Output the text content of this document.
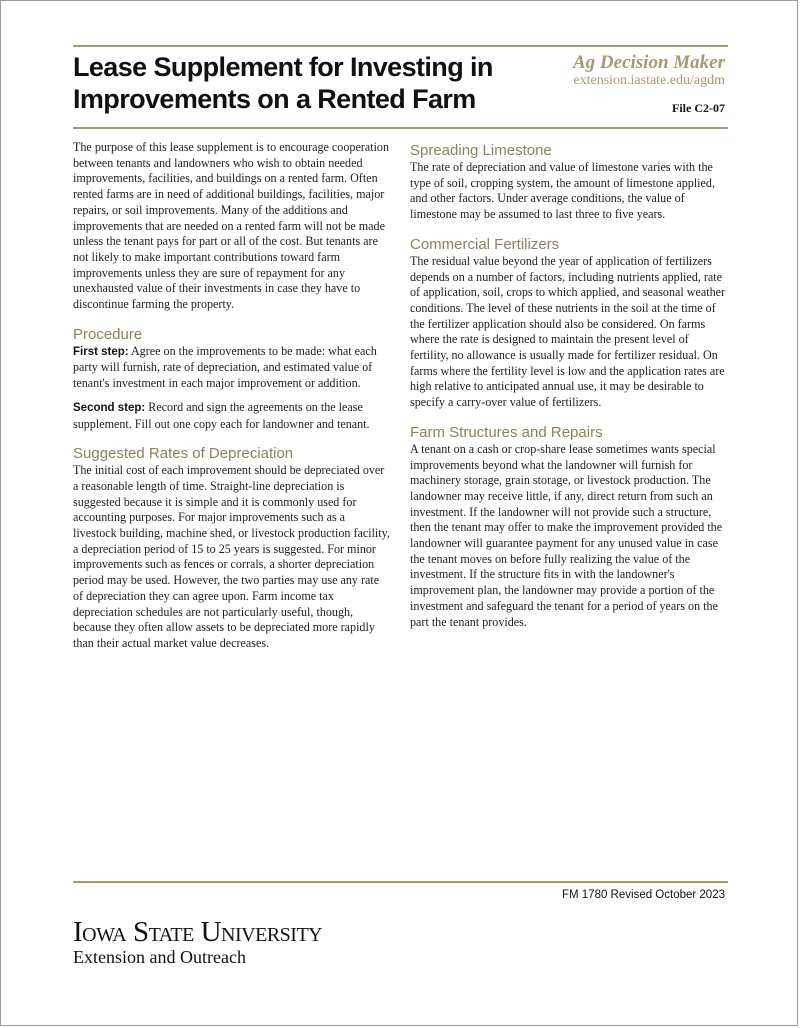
Lease Supplement for Investing in Improvements on a Rented Farm
Ag Decision Maker
extension.iastate.edu/agdm
File C2-07

The purpose of this lease supplement is to encourage cooperation between tenants and landowners who wish to obtain needed improvements, facilities, and buildings on a rented farm. Often rented farms are in need of additional buildings, facilities, major repairs, or soil improvements. Many of the additions and improvements that are needed on a rented farm will not be made unless the tenant pays for part or all of the cost. But tenants are not likely to make important contributions toward farm improvements unless they are sure of repayment for any unexhausted value of their investments in case they have to discontinue farming the property.

Procedure

First step: Agree on the improvements to be made: what each party will furnish, rate of depreciation, and estimated value of tenant's investment in each major improvement or addition.

Second step: Record and sign the agreements on the lease supplement. Fill out one copy each for landowner and tenant.

Suggested Rates of Depreciation

The initial cost of each improvement should be depreciated over a reasonable length of time. Straight-line depreciation is suggested because it is simple and it is commonly used for accounting purposes. For major improvements such as a livestock building, machine shed, or livestock production facility, a depreciation period of 15 to 25 years is suggested. For minor improvements such as fences or corrals, a shorter depreciation period may be used. However, the two parties may use any rate of depreciation they can agree upon. Farm income tax depreciation schedules are not particularly useful, though, because they often allow assets to be depreciated more rapidly than their actual market value decreases.

Spreading Limestone

The rate of depreciation and value of limestone varies with the type of soil, cropping system, the amount of limestone applied, and other factors. Under average conditions, the value of limestone may be assumed to last three to five years.

Commercial Fertilizers

The residual value beyond the year of application of fertilizers depends on a number of factors, including nutrients applied, rate of application, soil, crops to which applied, and seasonal weather conditions. The level of these nutrients in the soil at the time of the fertilizer application should also be considered. On farms where the rate is designed to maintain the present level of fertility, no allowance is usually made for fertilizer residual. On farms where the fertility level is low and the application rates are high relative to anticipated annual use, it may be desirable to specify a carry-over value of fertilizers.

Farm Structures and Repairs

A tenant on a cash or crop-share lease sometimes wants special improvements beyond what the landowner will furnish for machinery storage, grain storage, or livestock production. The landowner may receive little, if any, direct return from such an investment. If the landowner will not provide such a structure, then the tenant may offer to make the improvement provided the landowner will guarantee payment for any unused value in case the tenant moves on before fully realizing the value of the investment. If the structure fits in with the landowner's improvement plan, the landowner may provide a portion of the investment and safeguard the tenant for a period of years on the part the tenant provides.

FM 1780 Revised October 2023
Iowa State University
Extension and Outreach
